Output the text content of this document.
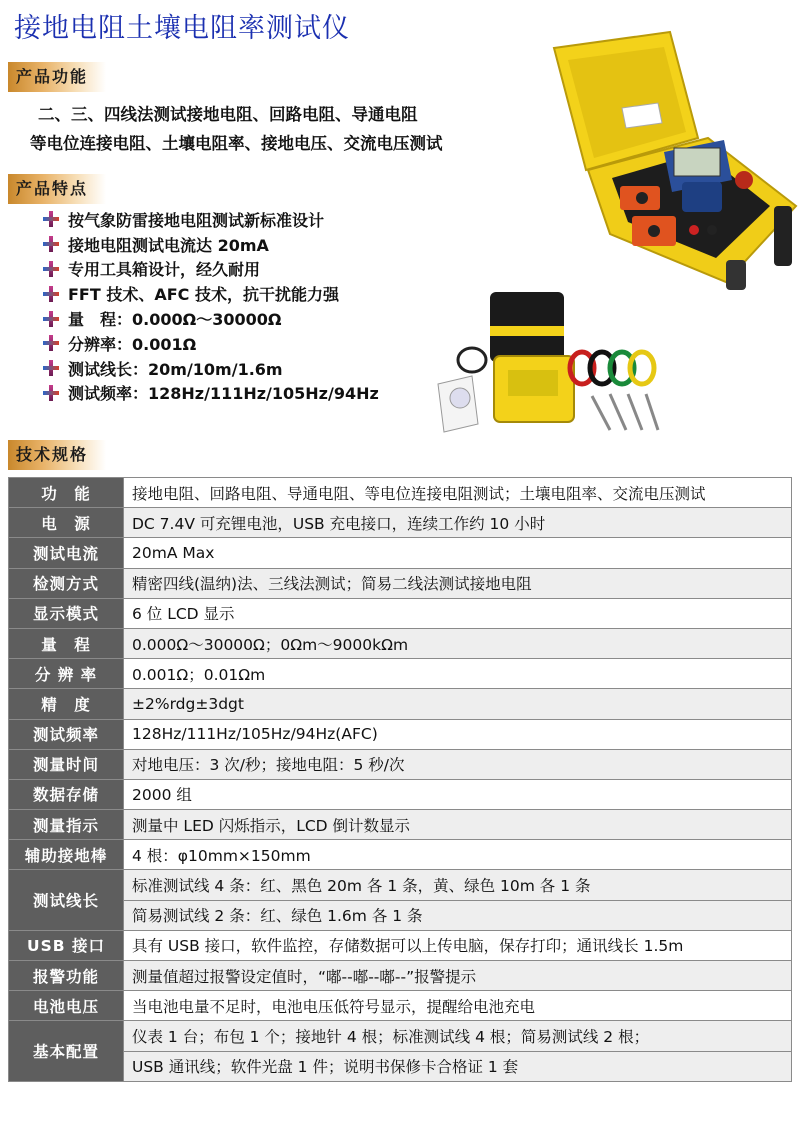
接地电阻土壤电阻率测试仪
产品功能
二、三、四线法测试接地电阻、回路电阻、导通电阻
等电位连接电阻、土壤电阻率、接地电压、交流电压测试
产品特点
按气象防雷接地电阻测试新标准设计
接地电阻测试电流达 20mA
专用工具箱设计，经久耐用
FFT 技术、AFC 技术，抗干扰能力强
量　程：0.000Ω～30000Ω
分辨率：0.001Ω
测试线长：20m/10m/1.6m
测试频率：128Hz/111Hz/105Hz/94Hz
技术规格
功　能	接地电阻、回路电阻、导通电阻、等电位连接电阻测试；土壤电阻率、交流电压测试
电　源	DC 7.4V 可充锂电池，USB 充电接口，连续工作约 10 小时
测试电流	20mA Max
检测方式	精密四线(温纳)法、三线法测试；简易二线法测试接地电阻
显示模式	6 位 LCD 显示
量　程	0.000Ω～30000Ω；0Ωm～9000kΩm
分 辨 率	0.001Ω；0.01Ωm
精　度	±2%rdg±3dgt
测试频率	128Hz/111Hz/105Hz/94Hz(AFC)
测量时间	对地电压：3 次/秒；接地电阻：5 秒/次
数据存储	2000 组
测量指示	测量中 LED 闪烁指示，LCD 倒计数显示
辅助接地棒	4 根：φ10mm×150mm
测试线长	标准测试线 4 条：红、黑色 20m 各 1 条，黄、绿色 10m 各 1 条
	简易测试线 2 条：红、绿色 1.6m 各 1 条
USB 接口	具有 USB 接口，软件监控，存储数据可以上传电脑，保存打印；通讯线长 1.5m
报警功能	测量值超过报警设定值时，“嘟--嘟--嘟--”报警提示
电池电压	当电池电量不足时，电池电压低符号显示，提醒给电池充电
基本配置	仪表 1 台；布包 1 个；接地针 4 根；标准测试线 4 根；简易测试线 2 根；
	USB 通讯线；软件光盘 1 件；说明书保修卡合格证 1 套
